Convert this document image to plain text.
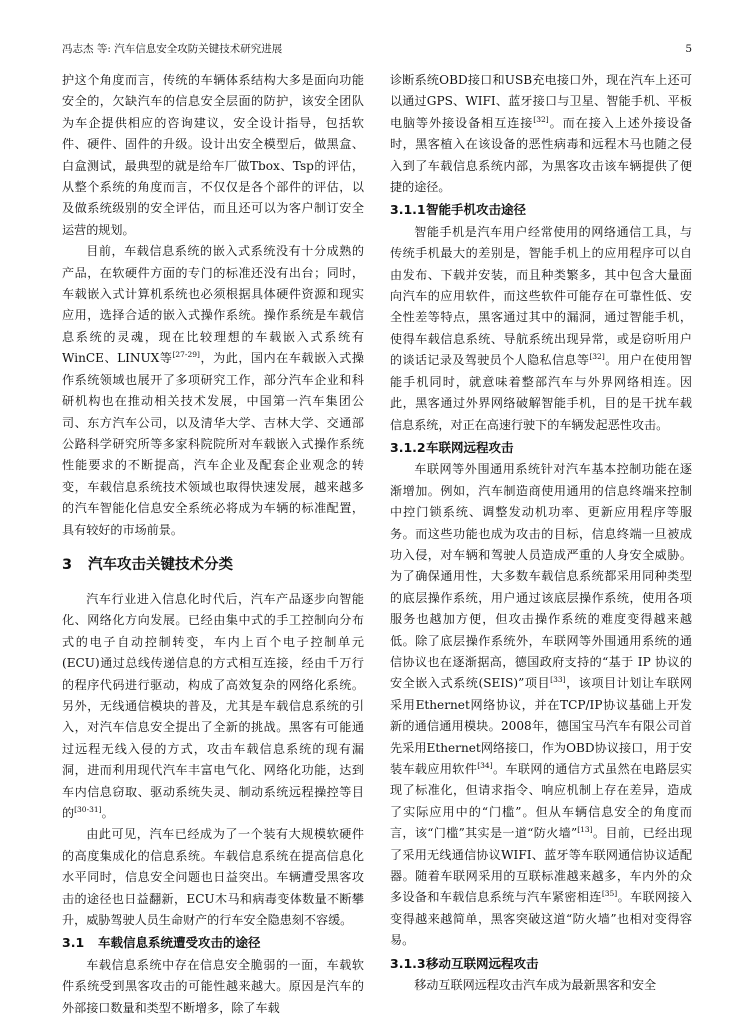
冯志杰 等: 汽车信息安全攻防关键技术研究进展	5

护这个角度而言，传统的车辆体系结构大多是面向功能安全的，欠缺汽车的信息安全层面的防护，该安全团队为车企提供相应的咨询建议，安全设计指导，包括软件、硬件、固件的升级。设计出安全模型后，做黑盒、白盒测试，最典型的就是给车厂做Tbox、Tsp的评估，从整个系统的角度而言，不仅仅是各个部件的评估，以及做系统级别的安全评估，而且还可以为客户制订安全运营的规划。

目前，车载信息系统的嵌入式系统没有十分成熟的产品，在软硬件方面的专门的标准还没有出台；同时，车载嵌入式计算机系统也必须根据具体硬件资源和现实应用，选择合适的嵌入式操作系统。操作系统是车载信息系统的灵魂，现在比较理想的车载嵌入式系统有WinCE、LINUX等[27-29]，为此，国内在车载嵌入式操作系统领域也展开了多项研究工作，部分汽车企业和科研机构也在推动相关技术发展，中国第一汽车集团公司、东方汽车公司，以及清华大学、吉林大学、交通部公路科学研究所等多家科院院所对车载嵌入式操作系统性能要求的不断提高，汽车企业及配套企业观念的转变，车载信息系统技术领域也取得快速发展，越来越多的汽车智能化信息安全系统必将成为车辆的标准配置，具有较好的市场前景。

3 汽车攻击关键技术分类

汽车行业进入信息化时代后，汽车产品逐步向智能化、网络化方向发展。已经由集中式的手工控制向分布式的电子自动控制转变，车内上百个电子控制单元(ECU)通过总线传递信息的方式相互连接，经由千万行的程序代码进行驱动，构成了高效复杂的网络化系统。另外，无线通信模块的普及，尤其是车载信息系统的引入，对汽车信息安全提出了全新的挑战。黑客有可能通过远程无线入侵的方式，攻击车载信息系统的现有漏洞，进而利用现代汽车丰富电气化、网络化功能，达到车内信息窃取、驱动系统失灵、制动系统远程操控等目的[30-31]。

由此可见，汽车已经成为了一个装有大规模软硬件的高度集成化的信息系统。车载信息系统在提高信息化水平同时，信息安全问题也日益突出。车辆遭受黑客攻击的途径也日益翻新，ECU木马和病毒变体数量不断攀升，威胁驾驶人员生命财产的行车安全隐患刻不容缓。

3.1 车载信息系统遭受攻击的途径

车载信息系统中存在信息安全脆弱的一面，车载软件系统受到黑客攻击的可能性越来越大。原因是汽车的外部接口数量和类型不断增多，除了车载

诊断系统OBD接口和USB充电接口外，现在汽车上还可以通过GPS、WIFI、蓝牙接口与卫星、智能手机、平板电脑等外接设备相互连接[32]。而在接入上述外接设备时，黑客植入在该设备的恶性病毒和远程木马也随之侵入到了车载信息系统内部，为黑客攻击该车辆提供了便捷的途径。

3.1.1智能手机攻击途径

智能手机是汽车用户经常使用的网络通信工具，与传统手机最大的差别是，智能手机上的应用程序可以自由发布、下载并安装，而且种类繁多，其中包含大量面向汽车的应用软件，而这些软件可能存在可靠性低、安全性差等特点，黑客通过其中的漏洞，通过智能手机，使得车载信息系统、导航系统出现异常，或是窃听用户的谈话记录及驾驶员个人隐私信息等[32]。用户在使用智能手机同时，就意味着整部汽车与外界网络相连。因此，黑客通过外界网络破解智能手机，目的是干扰车载信息系统，对正在高速行驶下的车辆发起恶性攻击。

3.1.2车联网远程攻击

车联网等外围通用系统针对汽车基本控制功能在逐渐增加。例如，汽车制造商使用通用的信息终端来控制中控门锁系统、调整发动机功率、更新应用程序等服务。而这些功能也成为攻击的目标，信息终端一旦被成功入侵，对车辆和驾驶人员造成严重的人身安全威胁。为了确保通用性，大多数车载信息系统都采用同种类型的底层操作系统，用户通过该底层操作系统，使用各项服务也越加方便，但攻击操作系统的难度变得越来越低。除了底层操作系统外，车联网等外围通用系统的通信协议也在逐渐据高，德国政府支持的“基于 IP 协议的安全嵌入式系统(SEIS)”项目[33]，该项目计划让车联网采用Ethernet网络协议，并在TCP/IP协议基础上开发新的通信通用模块。2008年，德国宝马汽车有限公司首先采用Ethernet网络接口，作为OBD协议接口，用于安装车载应用软件[34]。车联网的通信方式虽然在电路层实现了标准化，但请求指令、响应机制上存在差异，造成了实际应用中的“门槛”。但从车辆信息安全的角度而言，该“门槛”其实是一道“防火墙”[13]。目前，已经出现了采用无线通信协议WIFI、蓝牙等车联网通信协议适配器。随着车联网采用的互联标准越来越多，车内外的众多设备和车载信息系统与汽车紧密相连[35]。车联网接入变得越来越简单，黑客突破这道“防火墙”也相对变得容易。

3.1.3移动互联网远程攻击

移动互联网远程攻击汽车成为最新黑客和安全
